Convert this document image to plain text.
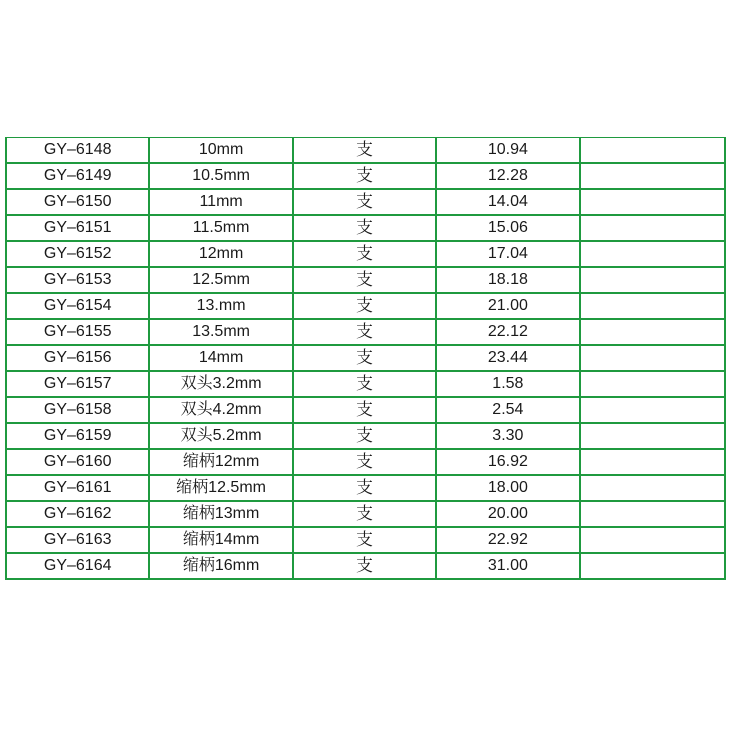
GY–6148	10mm	支	10.94	
GY–6149	10.5mm	支	12.28	
GY–6150	11mm	支	14.04	
GY–6151	11.5mm	支	15.06	
GY–6152	12mm	支	17.04	
GY–6153	12.5mm	支	18.18	
GY–6154	13.mm	支	21.00	
GY–6155	13.5mm	支	22.12	
GY–6156	14mm	支	23.44	
GY–6157	双头3.2mm	支	1.58	
GY–6158	双头4.2mm	支	2.54	
GY–6159	双头5.2mm	支	3.30	
GY–6160	缩柄12mm	支	16.92	
GY–6161	缩柄12.5mm	支	18.00	
GY–6162	缩柄13mm	支	20.00	
GY–6163	缩柄14mm	支	22.92	
GY–6164	缩柄16mm	支	31.00	
